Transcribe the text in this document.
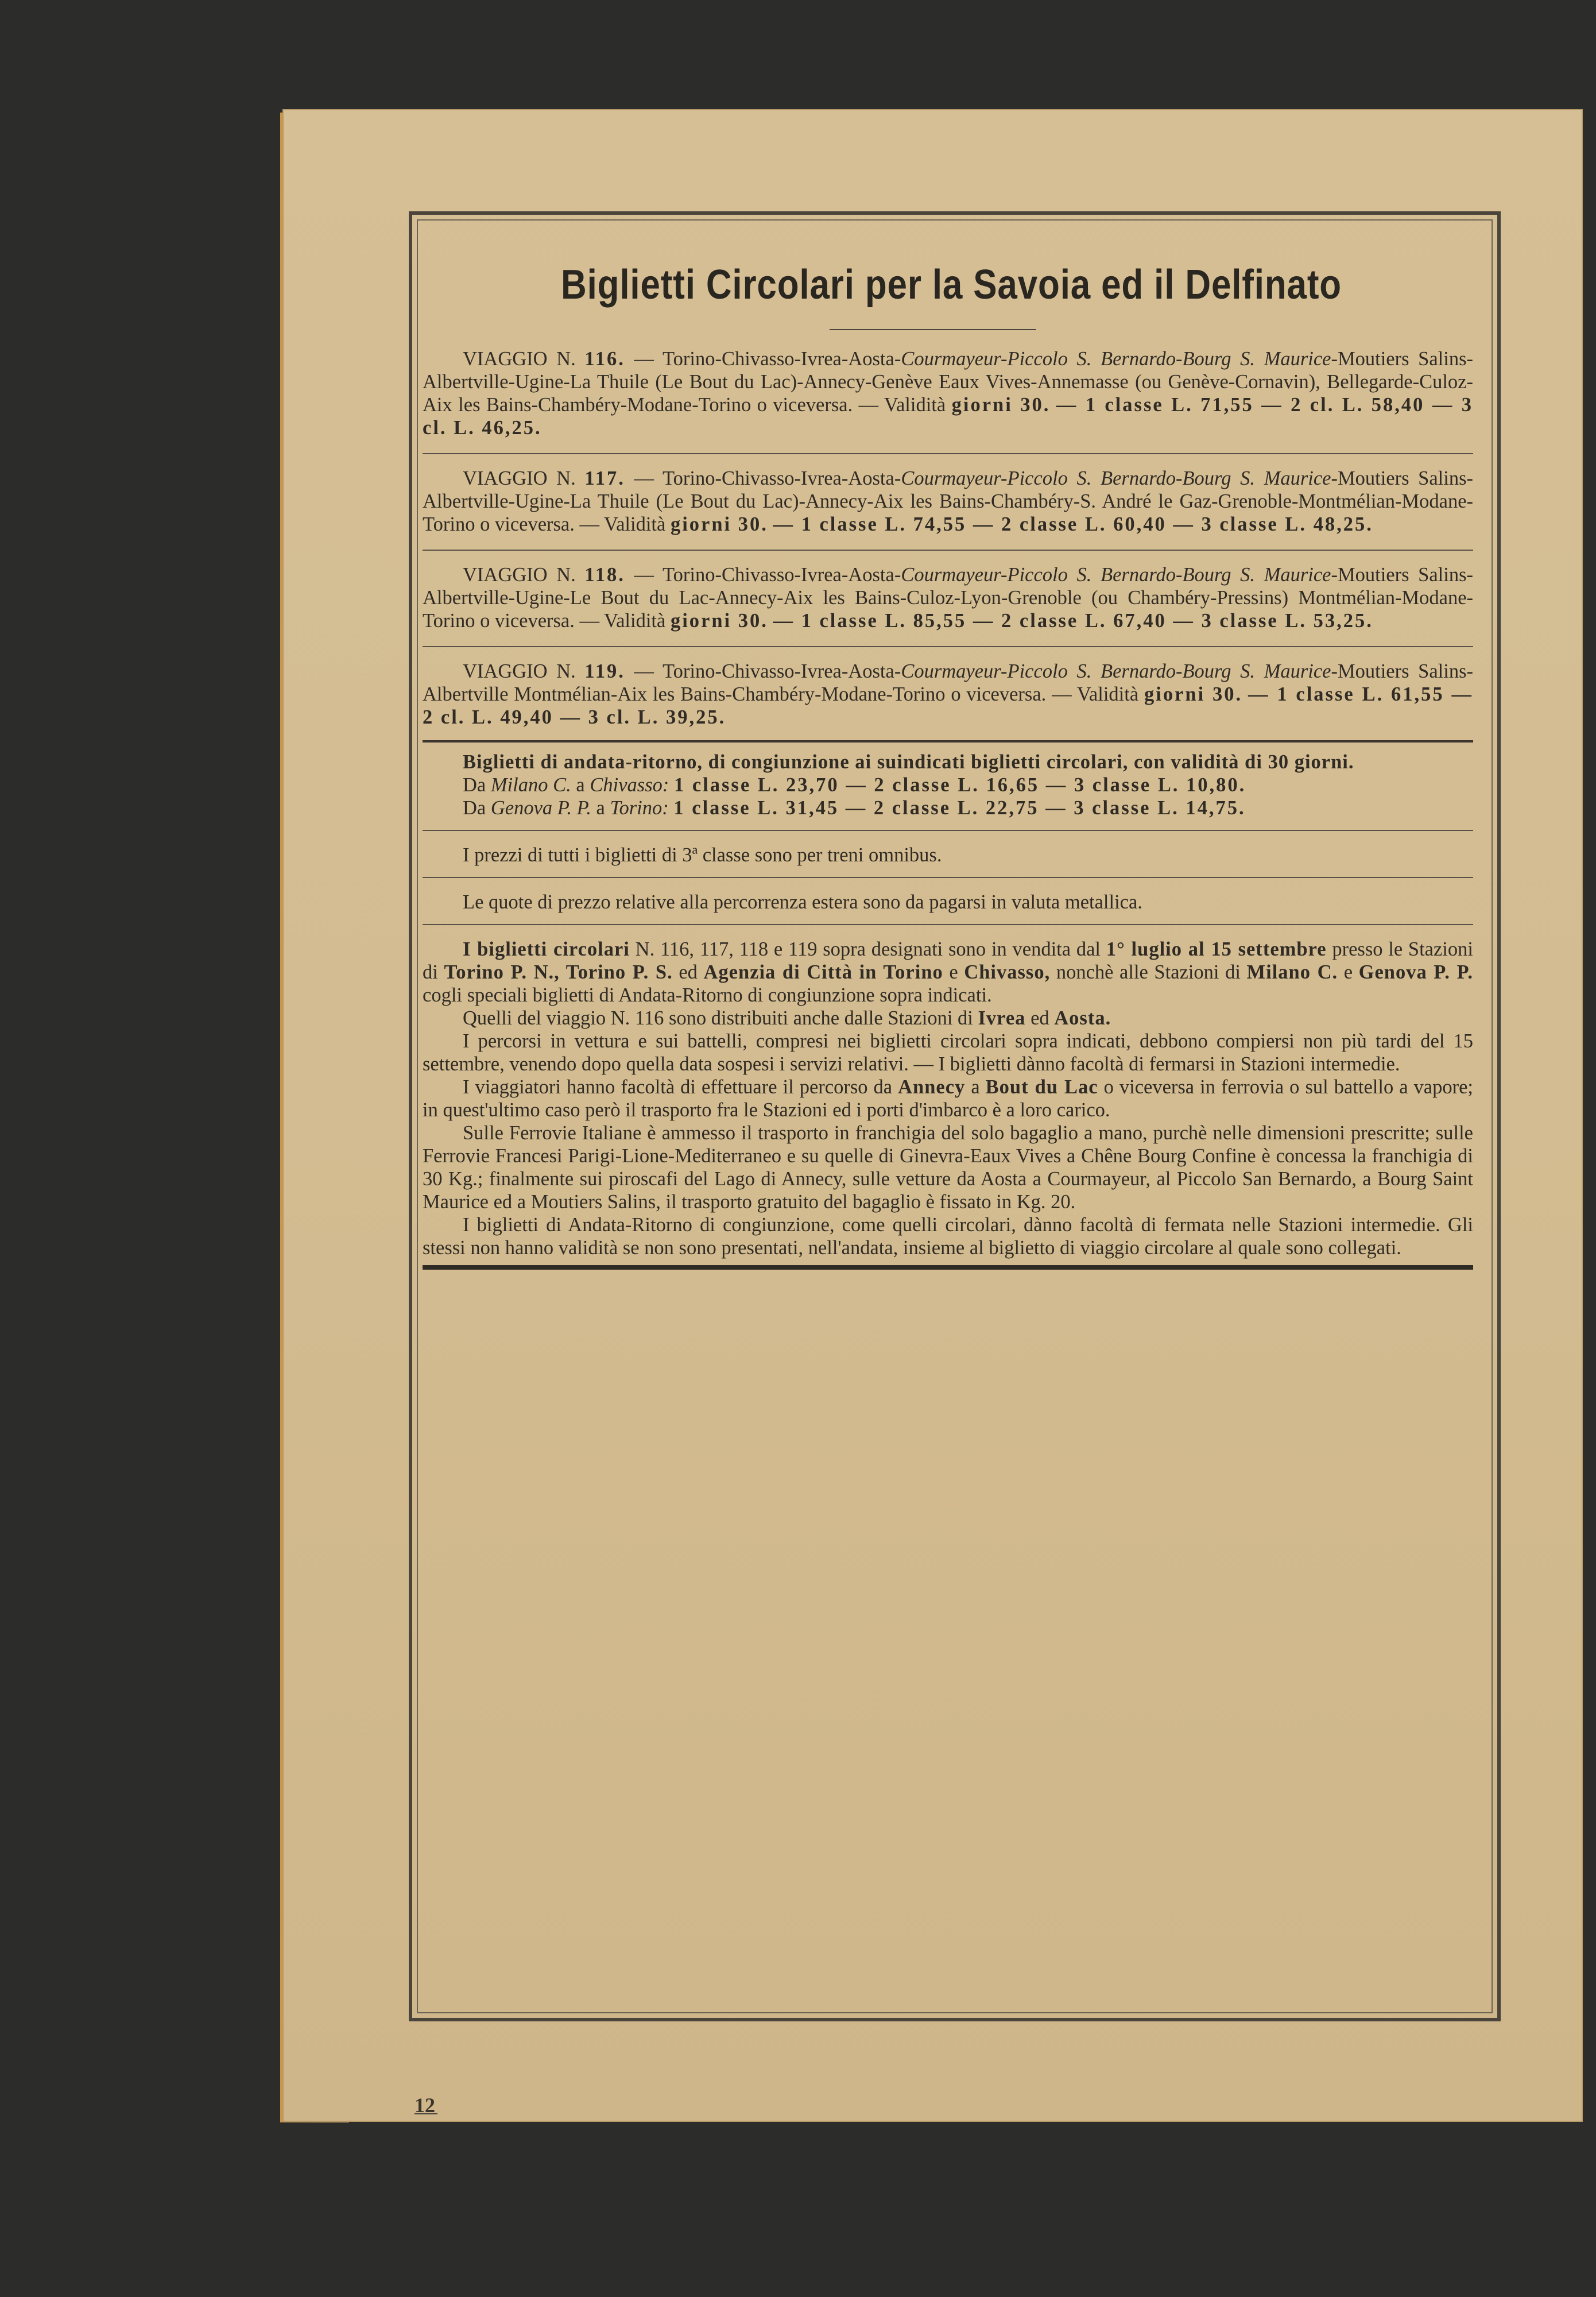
Biglietti Circolari per la Savoia ed il Delfinato
VIAGGIO N. 116. — Torino-Chivasso-Ivrea-Aosta-Courmayeur-Piccolo S. Bernardo-Bourg S. Maurice-Moutiers Salins-Albertville-Ugine-La Thuile (Le Bout du Lac)-Annecy-Genève Eaux Vives-Annemasse (ou Genève-Cornavin), Bellegarde-Culoz-Aix les Bains-Chambéry-Modane-Torino o viceversa. — Validità giorni 30. — 1 classe L. 71,55 — 2 cl. L. 58,40 — 3 cl. L. 46,25.
VIAGGIO N. 117. — Torino-Chivasso-Ivrea-Aosta-Courmayeur-Piccolo S. Bernardo-Bourg S. Maurice-Moutiers Salins-Albertville-Ugine-La Thuile (Le Bout du Lac)-Annecy-Aix les Bains-Chambéry-S. André le Gaz-Grenoble-Montmélian-Modane-Torino o viceversa. — Validità giorni 30. — 1 classe L. 74,55 — 2 classe L. 60,40 — 3 classe L. 48,25.
VIAGGIO N. 118. — Torino-Chivasso-Ivrea-Aosta-Courmayeur-Piccolo S. Bernardo-Bourg S. Maurice-Moutiers Salins-Albertville-Ugine-Le Bout du Lac-Annecy-Aix les Bains-Culoz-Lyon-Grenoble (ou Chambéry-Pressins) Montmélian-Modane-Torino o viceversa. — Validità giorni 30. — 1 classe L. 85,55 — 2 classe L. 67,40 — 3 classe L. 53,25.
VIAGGIO N. 119. — Torino-Chivasso-Ivrea-Aosta-Courmayeur-Piccolo S. Bernardo-Bourg S. Maurice-Moutiers Salins-Albertville Montmélian-Aix les Bains-Chambéry-Modane-Torino o viceversa. — Validità giorni 30. — 1 classe L. 61,55 — 2 cl. L. 49,40 — 3 cl. L. 39,25.
Biglietti di andata-ritorno, di congiunzione ai suindicati biglietti circolari, con validità di 30 giorni.
Da Milano C. a Chivasso: 1 classe L. 23,70 — 2 classe L. 16,65 — 3 classe L. 10,80.
Da Genova P. P. a Torino: 1 classe L. 31,45 — 2 classe L. 22,75 — 3 classe L. 14,75.
I prezzi di tutti i biglietti di 3ª classe sono per treni omnibus.
Le quote di prezzo relative alla percorrenza estera sono da pagarsi in valuta metallica.

I biglietti circolari N. 116, 117, 118 e 119 sopra designati sono in vendita dal 1° luglio al 15 settembre presso le Stazioni di Torino P. N., Torino P. S. ed Agenzia di Città in Torino e Chivasso, nonchè alle Stazioni di Milano C. e Genova P. P. cogli speciali biglietti di Andata-Ritorno di congiunzione sopra indicati.

Quelli del viaggio N. 116 sono distribuiti anche dalle Stazioni di Ivrea ed Aosta.

I percorsi in vettura e sui battelli, compresi nei biglietti circolari sopra indicati, debbono compiersi non più tardi del 15 settembre, venendo dopo quella data sospesi i servizi relativi. — I biglietti dànno facoltà di fermarsi in Stazioni intermedie.

I viaggiatori hanno facoltà di effettuare il percorso da Annecy a Bout du Lac o viceversa in ferrovia o sul battello a vapore; in quest'ultimo caso però il trasporto fra le Stazioni ed i porti d'imbarco è a loro carico.

Sulle Ferrovie Italiane è ammesso il trasporto in franchigia del solo bagaglio a mano, purchè nelle dimensioni prescritte; sulle Ferrovie Francesi Parigi-Lione-Mediterraneo e su quelle di Ginevra-Eaux Vives a Chêne Bourg Confine è concessa la franchigia di 30 Kg.; finalmente sui piroscafi del Lago di Annecy, sulle vetture da Aosta a Courmayeur, al Piccolo San Bernardo, a Bourg Saint Maurice ed a Moutiers Salins, il trasporto gratuito del bagaglio è fissato in Kg. 20.

I biglietti di Andata-Ritorno di congiunzione, come quelli circolari, dànno facoltà di fermata nelle Stazioni intermedie. Gli stessi non hanno validità se non sono presentati, nell'andata, insieme al biglietto di viaggio circolare al quale sono collegati.

12
